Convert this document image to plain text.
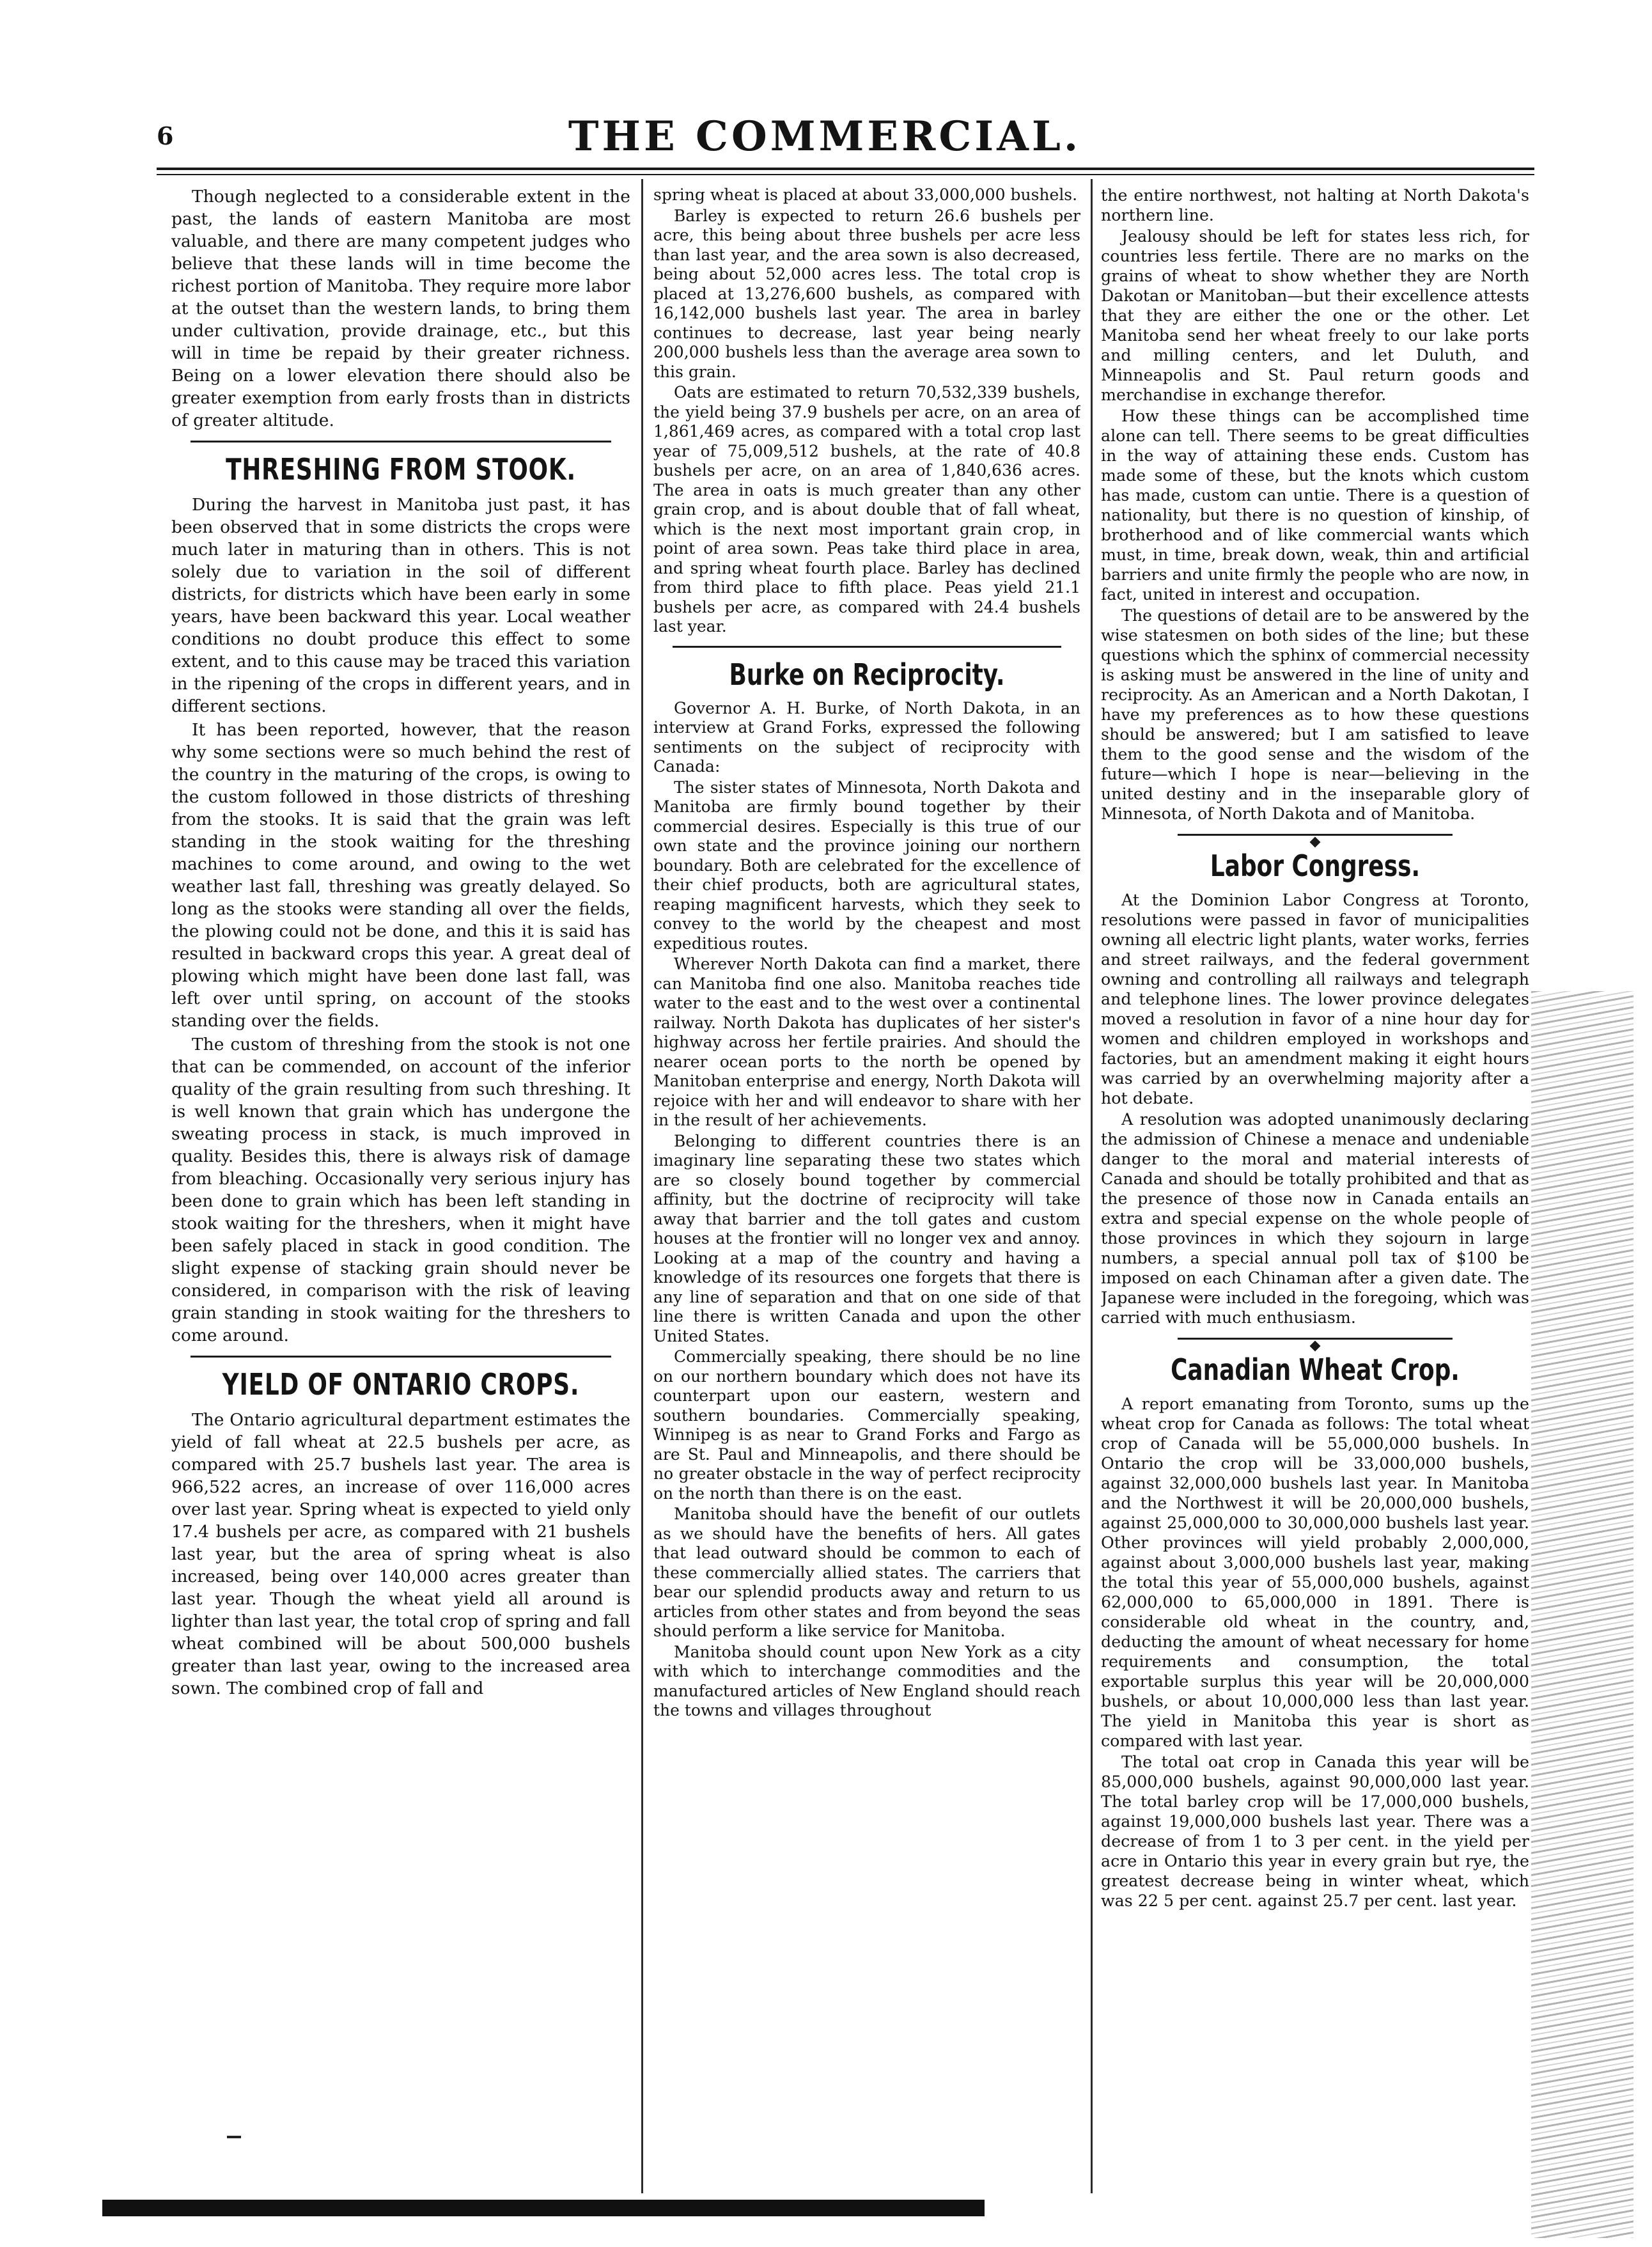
6	THE COMMERCIAL.

Though neglected to a considerable extent in the past, the lands of eastern Manitoba are most valuable, and there are many competent judges who believe that these lands will in time become the richest portion of Manitoba. They require more labor at the outset than the western lands, to bring them under cultivation, provide drainage, etc., but this will in time be repaid by their greater richness. Being on a lower elevation there should also be greater exemption from early frosts than in districts of greater altitude.

THRESHING FROM STOOK.

During the harvest in Manitoba just past, it has been observed that in some districts the crops were much later in maturing than in others. This is not solely due to variation in the soil of different districts, for districts which have been early in some years, have been backward this year. Local weather conditions no doubt produce this effect to some extent, and to this cause may be traced this variation in the ripening of the crops in different years, and in different sections.

It has been reported, however, that the reason why some sections were so much behind the rest of the country in the maturing of the crops, is owing to the custom followed in those districts of threshing from the stooks. It is said that the grain was left standing in the stook waiting for the threshing machines to come around, and owing to the wet weather last fall, threshing was greatly delayed. So long as the stooks were standing all over the fields, the plowing could not be done, and this it is said has resulted in backward crops this year. A great deal of plowing which might have been done last fall, was left over until spring, on account of the stooks standing over the fields.

The custom of threshing from the stook is not one that can be commended, on account of the inferior quality of the grain resulting from such threshing. It is well known that grain which has undergone the sweating process in stack, is much improved in quality. Besides this, there is always risk of damage from bleaching. Occasionally very serious injury has been done to grain which has been left standing in stook waiting for the threshers, when it might have been safely placed in stack in good condition. The slight expense of stacking grain should never be considered, in comparison with the risk of leaving grain standing in stook waiting for the threshers to come around.

YIELD OF ONTARIO CROPS.

The Ontario agricultural department estimates the yield of fall wheat at 22.5 bushels per acre, as compared with 25.7 bushels last year. The area is 966,522 acres, an increase of over 116,000 acres over last year. Spring wheat is expected to yield only 17.4 bushels per acre, as compared with 21 bushels last year, but the area of spring wheat is also increased, being over 140,000 acres greater than last year. Though the wheat yield all around is lighter than last year, the total crop of spring and fall wheat combined will be about 500,000 bushels greater than last year, owing to the increased area sown. The combined crop of fall and

spring wheat is placed at about 33,000,000 bushels.

Barley is expected to return 26.6 bushels per acre, this being about three bushels per acre less than last year, and the area sown is also decreased, being about 52,000 acres less. The total crop is placed at 13,276,600 bushels, as compared with 16,142,000 bushels last year. The area in barley continues to decrease, last year being nearly 200,000 bushels less than the average area sown to this grain.

Oats are estimated to return 70,532,339 bushels, the yield being 37.9 bushels per acre, on an area of 1,861,469 acres, as compared with a total crop last year of 75,009,512 bushels, at the rate of 40.8 bushels per acre, on an area of 1,840,636 acres. The area in oats is much greater than any other grain crop, and is about double that of fall wheat, which is the next most important grain crop, in point of area sown. Peas take third place in area, and spring wheat fourth place. Barley has declined from third place to fifth place. Peas yield 21.1 bushels per acre, as compared with 24.4 bushels last year.

Burke on Reciprocity.

Governor A. H. Burke, of North Dakota, in an interview at Grand Forks, expressed the following sentiments on the subject of reciprocity with Canada:

The sister states of Minnesota, North Dakota and Manitoba are firmly bound together by their commercial desires. Especially is this true of our own state and the province joining our northern boundary. Both are celebrated for the excellence of their chief products, both are agricultural states, reaping magnificent harvests, which they seek to convey to the world by the cheapest and most expeditious routes.

Wherever North Dakota can find a market, there can Manitoba find one also. Manitoba reaches tide water to the east and to the west over a continental railway. North Dakota has duplicates of her sister's highway across her fertile prairies. And should the nearer ocean ports to the north be opened by Manitoban enterprise and energy, North Dakota will rejoice with her and will endeavor to share with her in the result of her achievements.

Belonging to different countries there is an imaginary line separating these two states which are so closely bound together by commercial affinity, but the doctrine of reciprocity will take away that barrier and the toll gates and custom houses at the frontier will no longer vex and annoy. Looking at a map of the country and having a knowledge of its resources one forgets that there is any line of separation and that on one side of that line there is written Canada and upon the other United States.

Commercially speaking, there should be no line on our northern boundary which does not have its counterpart upon our eastern, western and southern boundaries. Commercially speaking, Winnipeg is as near to Grand Forks and Fargo as are St. Paul and Minneapolis, and there should be no greater obstacle in the way of perfect reciprocity on the north than there is on the east.

Manitoba should have the benefit of our outlets as we should have the benefits of hers. All gates that lead outward should be common to each of these commercially allied states. The carriers that bear our splendid products away and return to us articles from other states and from beyond the seas should perform a like service for Manitoba.

Manitoba should count upon New York as a city with which to interchange commodities and the manufactured articles of New England should reach the towns and villages throughout

the entire northwest, not halting at North Dakota's northern line.

Jealousy should be left for states less rich, for countries less fertile. There are no marks on the grains of wheat to show whether they are North Dakotan or Manitoban—but their excellence attests that they are either the one or the other. Let Manitoba send her wheat freely to our lake ports and milling centers, and let Duluth, and Minneapolis and St. Paul return goods and merchandise in exchange therefor.

How these things can be accomplished time alone can tell. There seems to be great difficulties in the way of attaining these ends. Custom has made some of these, but the knots which custom has made, custom can untie. There is a question of nationality, but there is no question of kinship, of brotherhood and of like commercial wants which must, in time, break down, weak, thin and artificial barriers and unite firmly the people who are now, in fact, united in interest and occupation.

The questions of detail are to be answered by the wise statesmen on both sides of the line; but these questions which the sphinx of commercial necessity is asking must be answered in the line of unity and reciprocity. As an American and a North Dakotan, I have my preferences as to how these questions should be answered; but I am satisfied to leave them to the good sense and the wisdom of the future—which I hope is near—believing in the united destiny and in the inseparable glory of Minnesota, of North Dakota and of Manitoba.

Labor Congress.

At the Dominion Labor Congress at Toronto, resolutions were passed in favor of municipalities owning all electric light plants, water works, ferries and street railways, and the federal government owning and controlling all railways and telegraph and telephone lines. The lower province delegates moved a resolution in favor of a nine hour day for women and children employed in workshops and factories, but an amendment making it eight hours was carried by an overwhelming majority after a hot debate.

A resolution was adopted unanimously declaring the admission of Chinese a menace and undeniable danger to the moral and material interests of Canada and should be totally prohibited and that as the presence of those now in Canada entails an extra and special expense on the whole people of those provinces in which they sojourn in large numbers, a special annual poll tax of $100 be imposed on each Chinaman after a given date. The Japanese were included in the foregoing, which was carried with much enthusiasm.

Canadian Wheat Crop.

A report emanating from Toronto, sums up the wheat crop for Canada as follows: The total wheat crop of Canada will be 55,000,000 bushels. In Ontario the crop will be 33,000,000 bushels, against 32,000,000 bushels last year. In Manitoba and the Northwest it will be 20,000,000 bushels, against 25,000,000 to 30,000,000 bushels last year. Other provinces will yield probably 2,000,000, against about 3,000,000 bushels last year, making the total this year of 55,000,000 bushels, against 62,000,000 to 65,000,000 in 1891. There is considerable old wheat in the country, and, deducting the amount of wheat necessary for home requirements and consumption, the total exportable surplus this year will be 20,000,000 bushels, or about 10,000,000 less than last year. The yield in Manitoba this year is short as compared with last year.

The total oat crop in Canada this year will be 85,000,000 bushels, against 90,000,000 last year. The total barley crop will be 17,000,000 bushels, against 19,000,000 bushels last year. There was a decrease of from 1 to 3 per cent. in the yield per acre in Ontario this year in every grain but rye, the greatest decrease being in winter wheat, which was 22 5 per cent. against 25.7 per cent. last year.
